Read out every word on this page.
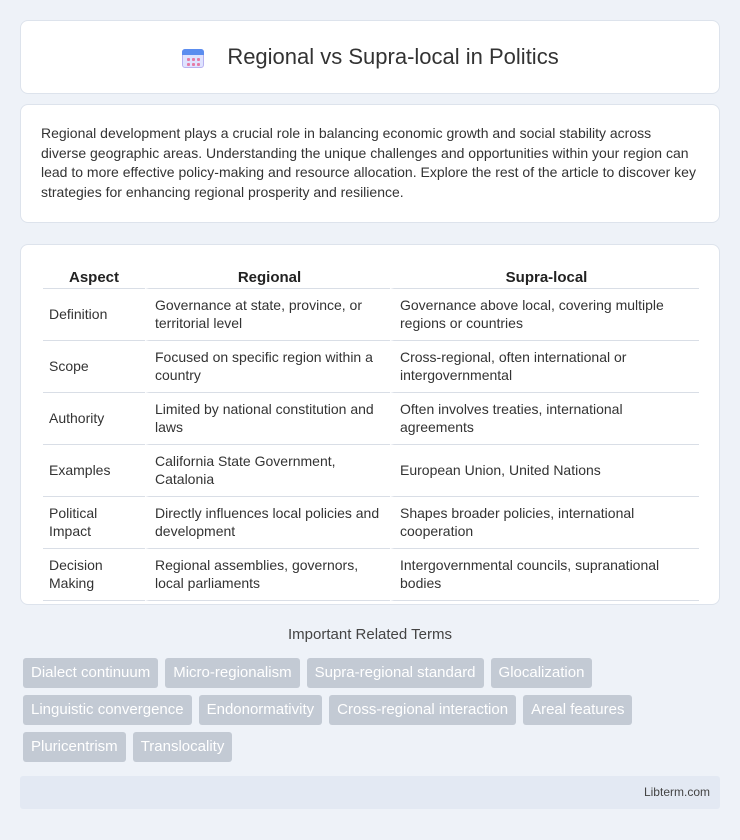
Regional vs Supra-local in Politics

Regional development plays a crucial role in balancing economic growth and social stability across diverse geographic areas. Understanding the unique challenges and opportunities within your region can lead to more effective policy-making and resource allocation. Explore the rest of the article to discover key strategies for enhancing regional prosperity and resilience.

Aspect	Regional	Supra-local
Definition	Governance at state, province, or territorial level	Governance above local, covering multiple regions or countries
Scope	Focused on specific region within a country	Cross-regional, often international or intergovernmental
Authority	Limited by national constitution and laws	Often involves treaties, international agreements
Examples	California State Government, Catalonia	European Union, United Nations
Political Impact	Directly influences local policies and development	Shapes broader policies, international cooperation
Decision Making	Regional assemblies, governors, local parliaments	Intergovernmental councils, supranational bodies
Important Related Terms
Dialect continuum	Micro-regionalism	Supra-regional standard	Glocalization
Linguistic convergence	Endonormativity	Cross-regional interaction	Areal features
Pluricentrism	Translocality
Libterm.com
